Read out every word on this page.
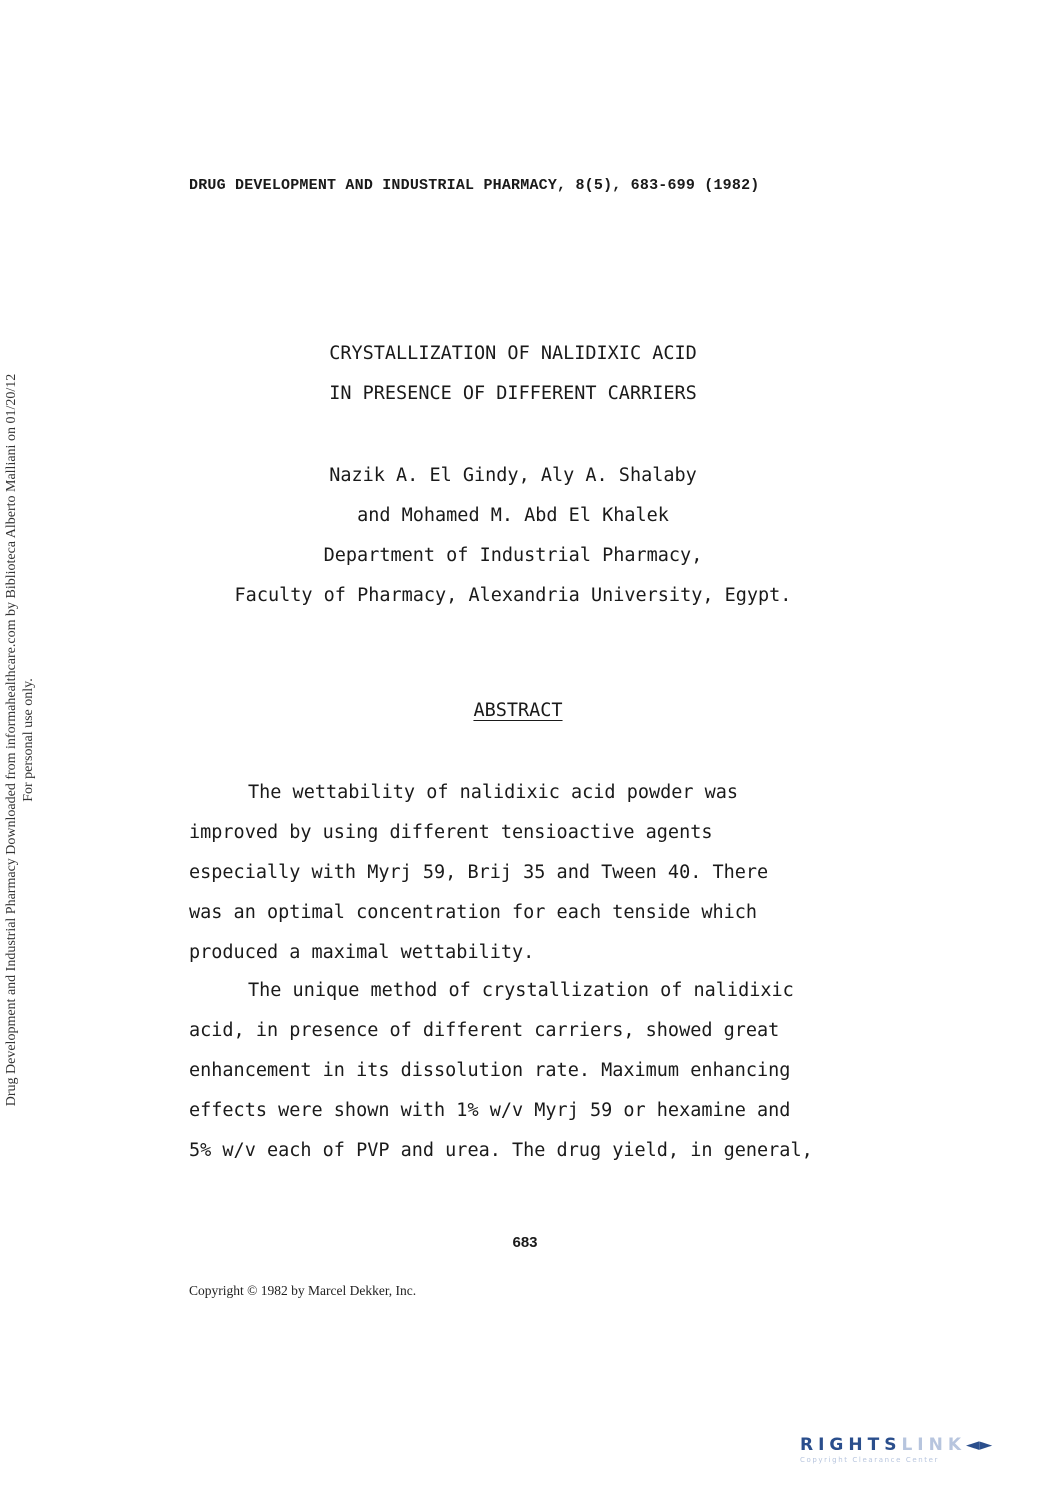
DRUG DEVELOPMENT AND INDUSTRIAL PHARMACY, 8(5), 683-699 (1982)
Drug Development and Industrial Pharmacy Downloaded from informahealthcare.com by Biblioteca Alberto Malliani on 01/20/12 For personal use only.
CRYSTALLIZATION OF NALIDIXIC ACID
IN PRESENCE OF DIFFERENT CARRIERS
Nazik A. El Gindy, Aly A. Shalaby
and Mohamed M. Abd El Khalek
Department of Industrial Pharmacy,
Faculty of Pharmacy, Alexandria University, Egypt.
ABSTRACT
The wettability of nalidixic acid powder was
improved by using different tensioactive agents
especially with Myrj 59, Brij 35 and Tween 40. There
was an optimal concentration for each tenside which
produced a maximal wettability.
The unique method of crystallization of nalidixic
acid, in presence of different carriers, showed great
enhancement in its dissolution rate. Maximum enhancing
effects were shown with 1% w/v Myrj 59 or hexamine and
5% w/v each of PVP and urea. The drug yield, in general,
683
Copyright © 1982 by Marcel Dekker, Inc.
RIGHTSLINK◄►
Copyright Clearance Center
